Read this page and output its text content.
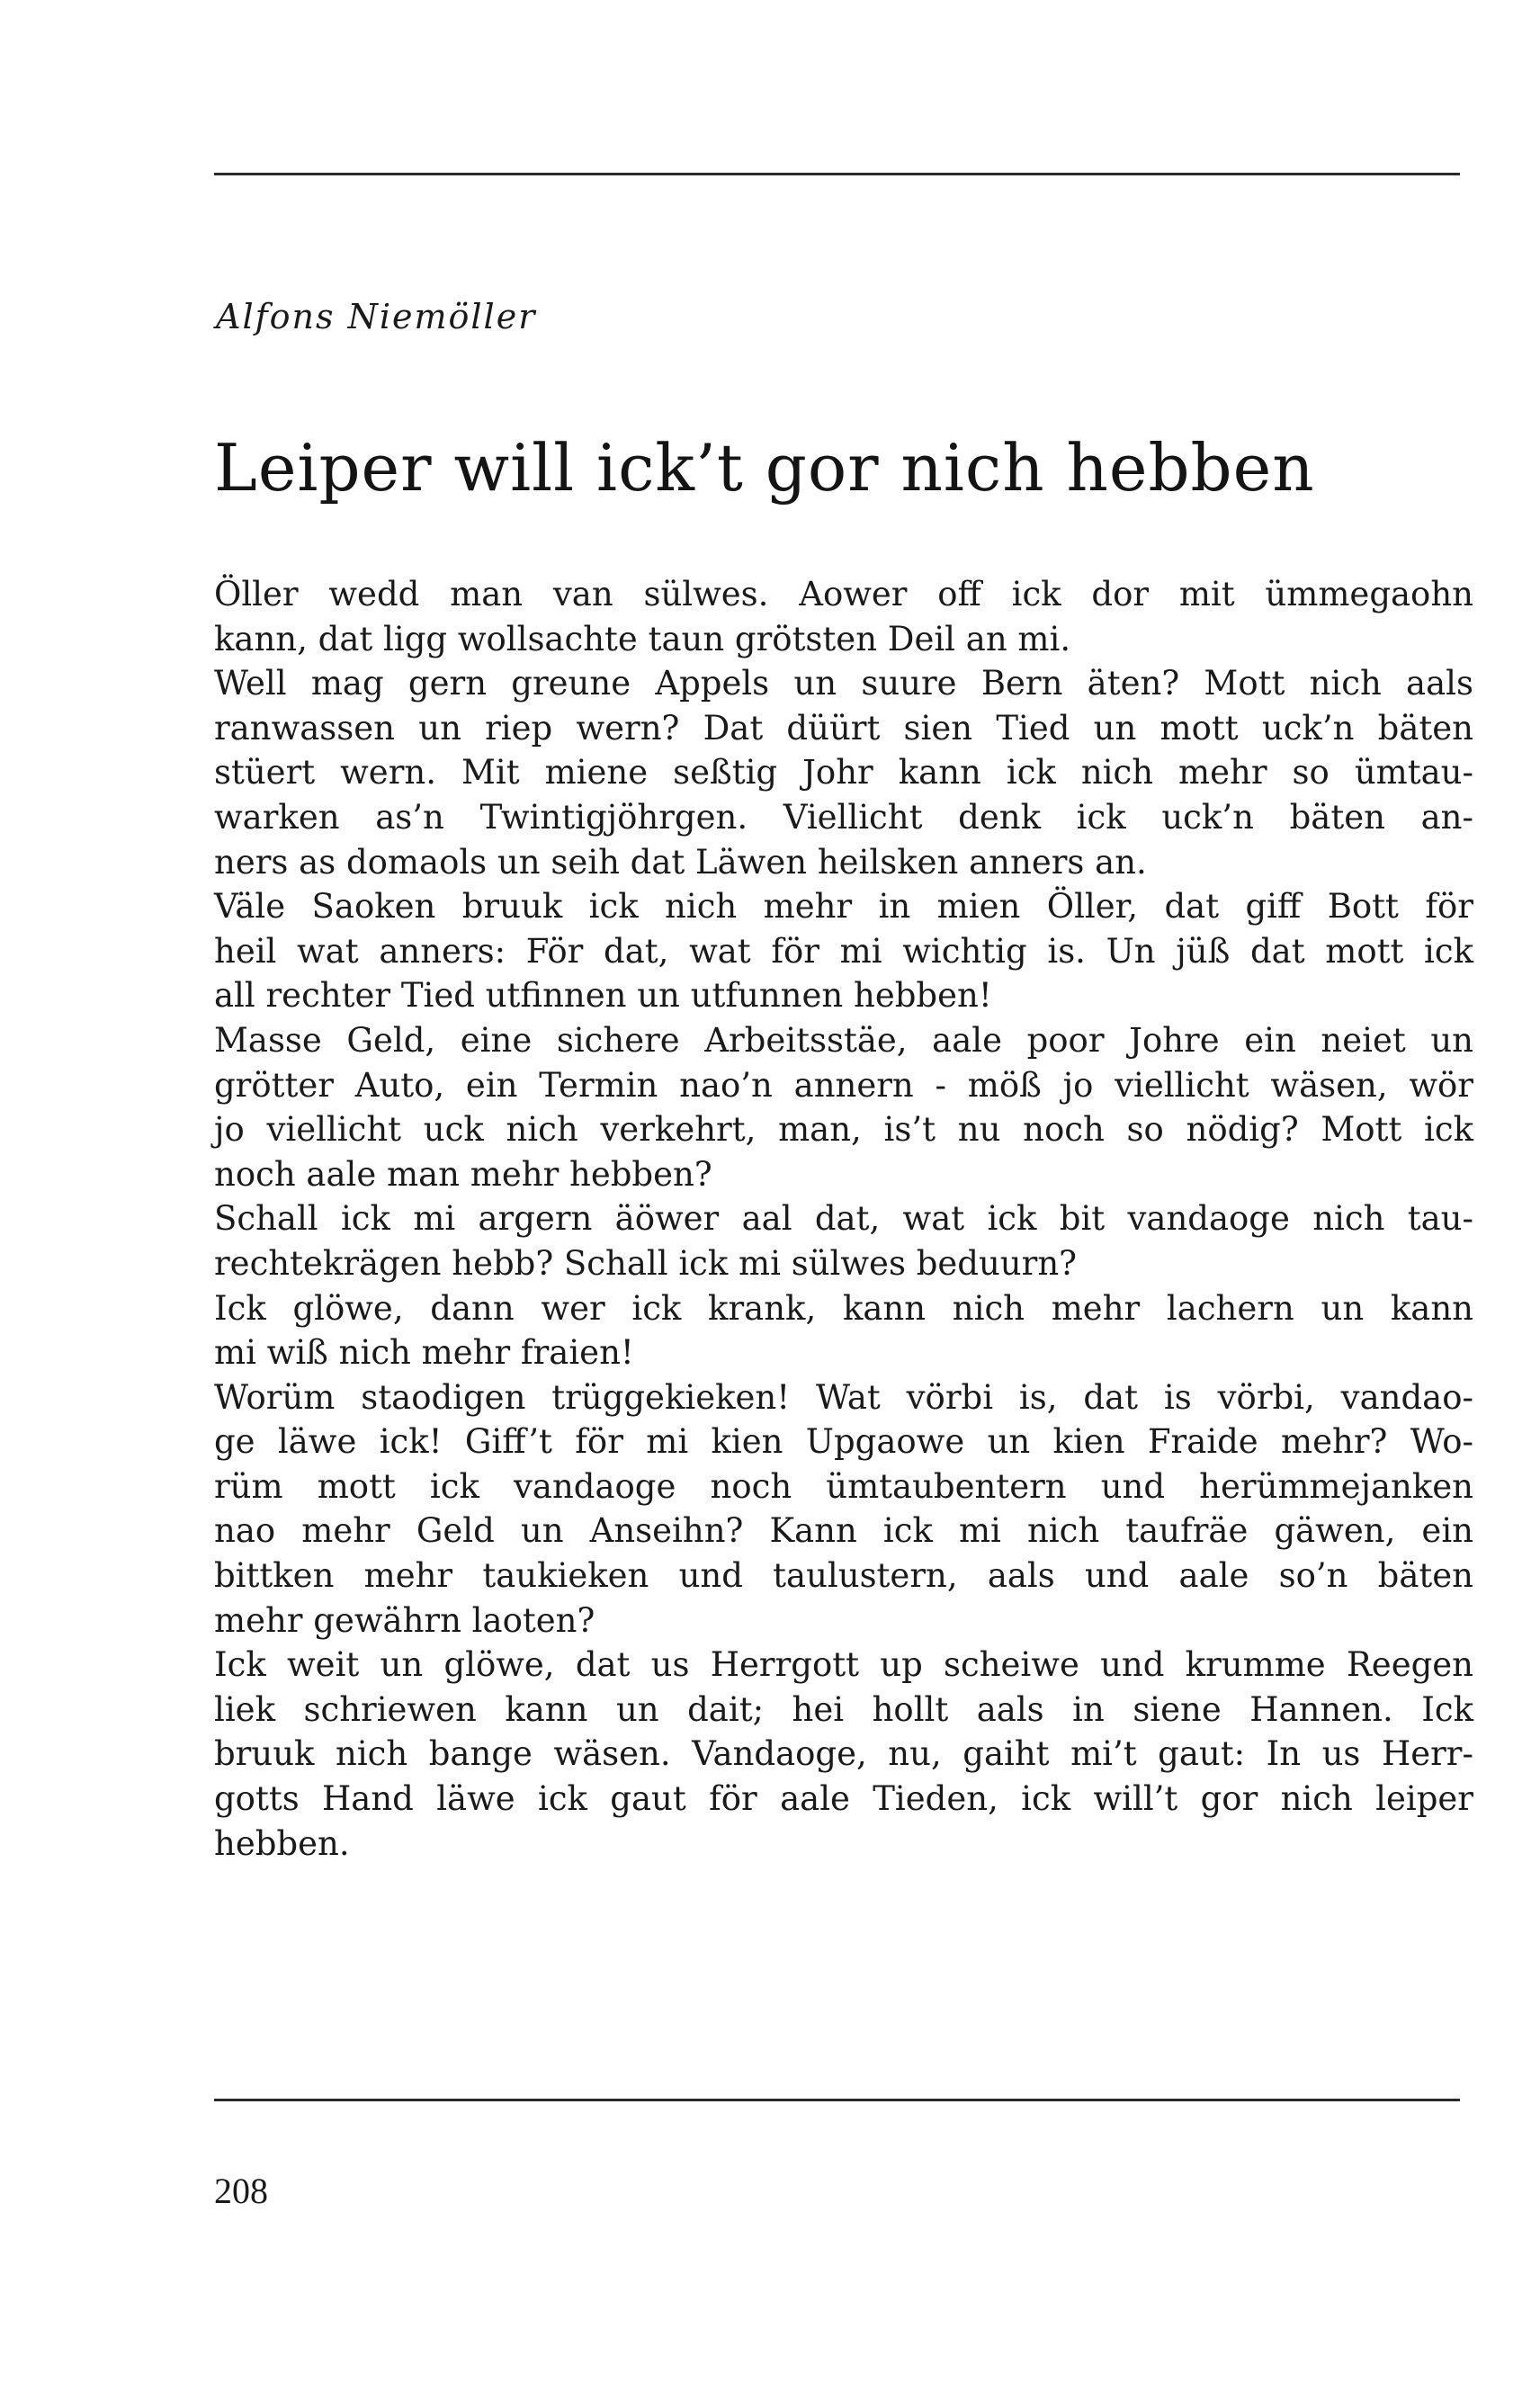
Alfons Niemöller
Leiper will ick’t gor nich hebben
Öller wedd man van sülwes. Aower off ick dor mit ümmegaohn
kann, dat ligg wollsachte taun grötsten Deil an mi.
Well mag gern greune Appels un suure Bern äten? Mott nich aals
ranwassen un riep wern? Dat düürt sien Tied un mott uck’n bäten
stüert wern. Mit miene seßtig Johr kann ick nich mehr so ümtau-
warken as’n Twintigjöhrgen. Viellicht denk ick uck’n bäten an-
ners as domaols un seih dat Läwen heilsken anners an.
Väle Saoken bruuk ick nich mehr in mien Öller, dat giff Bott för
heil wat anners: För dat, wat för mi wichtig is. Un jüß dat mott ick
all rechter Tied utfinnen un utfunnen hebben!
Masse Geld, eine sichere Arbeitsstäe, aale poor Johre ein neiet un
grötter Auto, ein Termin nao’n annern - möß jo viellicht wäsen, wör
jo viellicht uck nich verkehrt, man, is’t nu noch so nödig? Mott ick
noch aale man mehr hebben?
Schall ick mi argern äöwer aal dat, wat ick bit vandaoge nich tau-
rechtekrägen hebb? Schall ick mi sülwes beduurn?
Ick glöwe, dann wer ick krank, kann nich mehr lachern un kann
mi wiß nich mehr fraien!
Worüm staodigen trüggekieken! Wat vörbi is, dat is vörbi, vandao-
ge läwe ick! Giff’t för mi kien Upgaowe un kien Fraide mehr? Wo-
rüm mott ick vandaoge noch ümtaubentern und herümmejanken
nao mehr Geld un Anseihn? Kann ick mi nich taufräe gäwen, ein
bittken mehr taukieken und taulustern, aals und aale so’n bäten
mehr gewährn laoten?
Ick weit un glöwe, dat us Herrgott up scheiwe und krumme Reegen
liek schriewen kann un dait; hei hollt aals in siene Hannen. Ick
bruuk nich bange wäsen. Vandaoge, nu, gaiht mi’t gaut: In us Herr-
gotts Hand läwe ick gaut för aale Tieden, ick will’t gor nich leiper
hebben.
208
